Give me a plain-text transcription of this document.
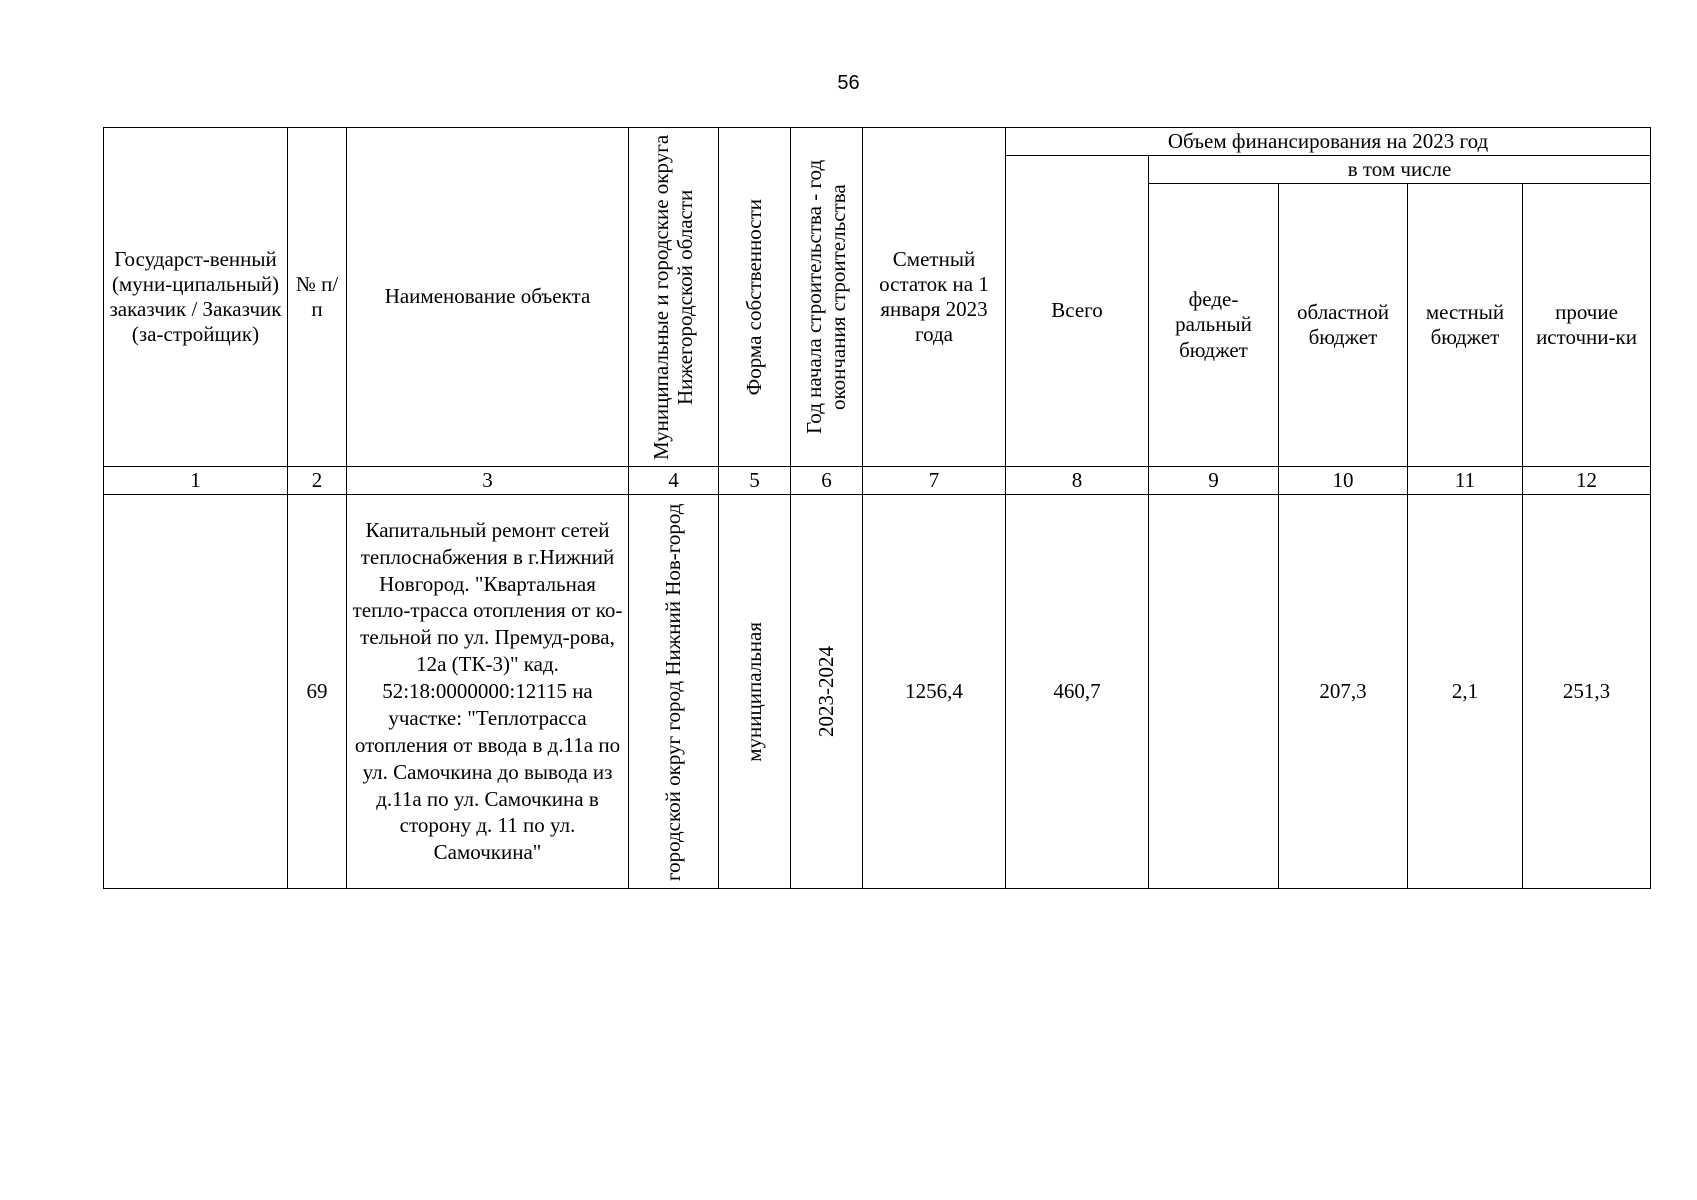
56
Государст-венный (муни-ципальный) заказчик / Заказчик (за-стройщик)	№ п/п	Наименование объекта	Муниципальные и городские округа Нижегородской области	Форма собственности	Год начала строительства - год окончания строительства	Сметный остаток на 1 января 2023 года	Объем финансирования на 2023 год				
							Всего	в том числе			

								феде-ральный бюджет	областной бюджет	местный бюджет	прочие источни-ки

1	2	3	4	5	6	7	8	9	10	11	12
	69	Капитальный ремонт сетей теплоснабжения в г.Нижний Новгород. "Квартальная тепло-трасса отопления от ко-тельной по ул. Премуд-рова, 12а (ТК-3)" кад. 52:18:0000000:12115 на участке: "Теплотрасса отопления от ввода в д.11а по ул. Самочкина до вывода из д.11а по ул. Самочкина в сторону д. 11 по ул. Самочкина"	городской округ город Нижний Нов-город	муниципальная	2023-2024	1256,4	460,7		207,3	2,1	251,3
